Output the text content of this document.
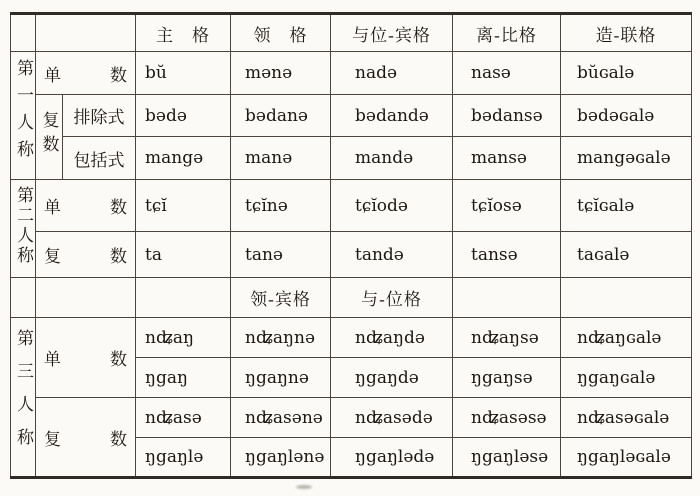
			主　格	领　格	与位-宾格	离-比格	造-联格
第一人称	单数		bŭ	mənə	nadə	nasə	bŭɢalə
	复数	排除式	bədə	bədanə	bədandə	bədansə	bədəɢalə
		包括式	mangə	manə	mandə	mansə	mangəɢalə
第二人称	单数		tɕĭ	tɕĭnə	tɕĭodə	tɕĭosə	tɕĭɢalə
	复数		ta	tanə	tandə	tansə	taɢalə
				领-宾格	与-位格		
第三人称	单数		nʥaŋ	nʥaŋnə	nʥaŋdə	nʥaŋsə	nʥaŋɢalə
			ŋgaŋ	ŋgaŋnə	ŋgaŋdə	ŋgaŋsə	ŋgaŋɢalə
	复数		nʥasə	nʥasənə	nʥasədə	nʥasəsə	nʥasəɢalə
			ŋgaŋlə	ŋgaŋlənə	ŋgaŋlədə	ŋgaŋləsə	ŋgaŋləɢalə
